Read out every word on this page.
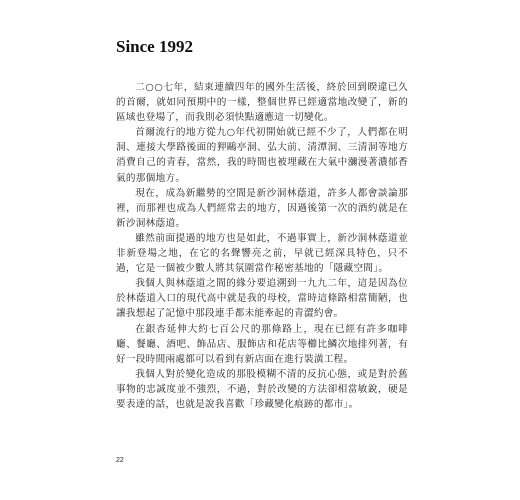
Since 1992

二○○七年，結束連續四年的國外生活後，終於回到睽違已久的首爾，就如同預期中的一樣，整個世界已經適當地改變了，新的區域也登場了，而我則必須快點適應這一切變化。

首爾流行的地方從九○年代初開始就已經不少了，人們都在明洞、連接大學路後面的狎鷗亭洞、弘大前、清潭洞、三清洞等地方消費自己的青春，當然，我的時間也被埋藏在大氣中瀰漫著濃郁香氣的那個地方。

現在，成為新繼勢的空間是新沙洞林蔭道，許多人都會談論那裡，而那裡也成為人們經常去的地方，因過後第一次的酒約就是在新沙洞林蔭道。

雖然前面提過的地方也是如此，不過事實上，新沙洞林蔭道並非新登場之地，在它的名聲響亮之前，早就已經深具特色，只不過，它是一個被少數人將其氛圍當作秘密基地的「隱藏空間」。

我個人與林蔭道之間的緣分要追溯到一九九二年，這是因為位於林蔭道入口的現代高中就是我的母校，當時這條路相當簡陋，也讓我想起了記憶中那段連手都未能牽起的青澀約會。

在銀杏延伸大約七百公尺的那條路上，現在已經有許多咖啡廳、餐廳、酒吧、飾品店、服飾店和花店等櫛比鱗次地排列著，有好一段時間兩處都可以看到有新店面在進行裝潢工程。

我個人對於變化造成的那股模糊不清的反抗心態，或是對於舊事物的忠誠度並不強烈，不過，對於改變的方法卻相當敏銳，硬是要表達的話，也就是說我喜歡「珍藏變化痕跡的都市」。

22
